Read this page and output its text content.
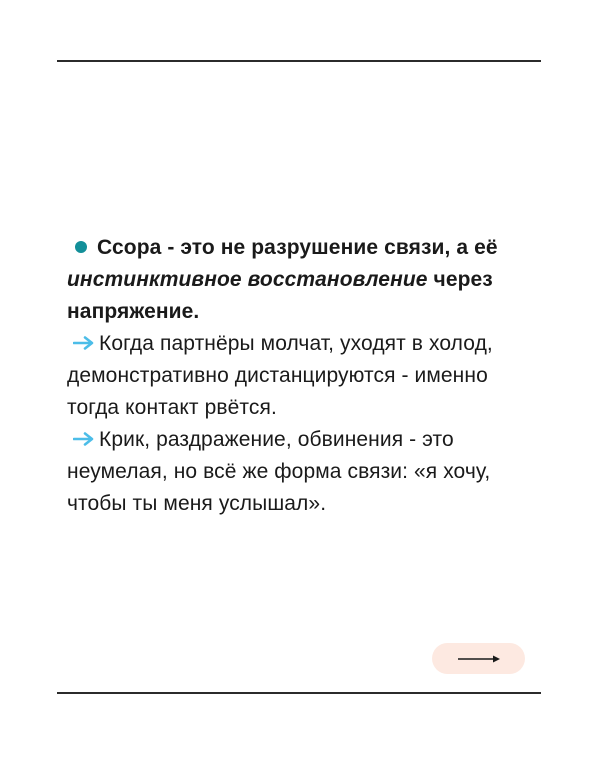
Ссора - это не разрушение связи, а её инстинктивное восстановление через напряжение.
Когда партнёры молчат, уходят в холод, демонстративно дистанцируются - именно тогда контакт рвётся.
Крик, раздражение, обвинения - это неумелая, но всё же форма связи: «я хочу, чтобы ты меня услышал».
